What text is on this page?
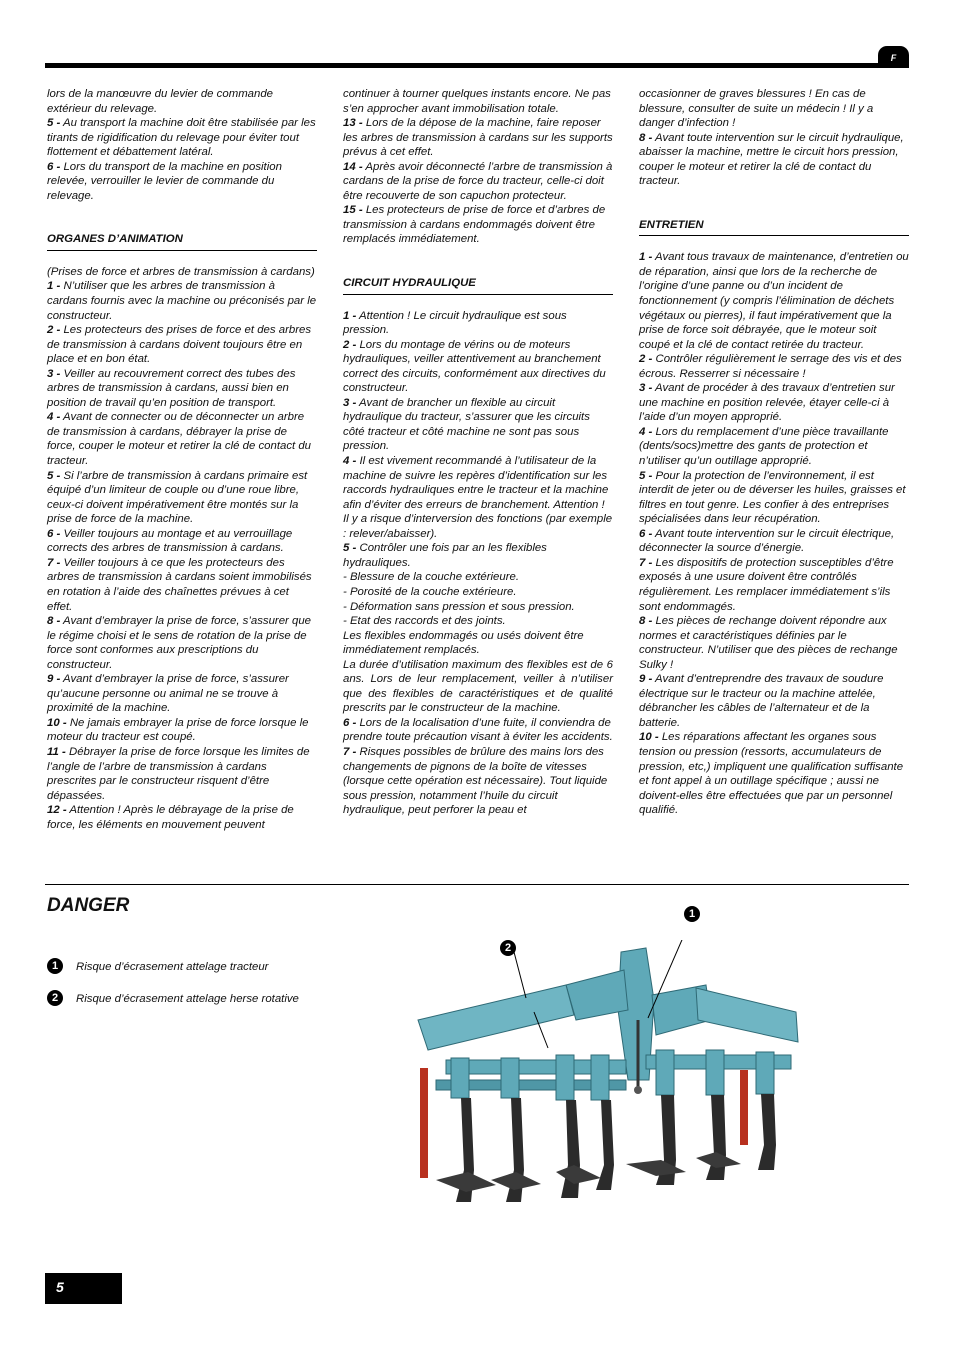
F

lors de la manœuvre du levier de commande extérieur du relevage.

5 - Au transport la machine doit être stabilisée par les tirants de rigidification du relevage pour éviter tout flottement et débattement latéral.

6 - Lors du transport de la machine en position relevée, verrouiller le levier de commande du relevage.

ORGANES D’ANIMATION

(Prises de force et arbres de transmission à cardans)

1 - N’utiliser que les arbres de transmission à cardans fournis avec la machine ou préconisés par le constructeur.

2 - Les protecteurs des prises de force et des arbres de transmission à cardans doivent toujours être en place et en bon état.

3 - Veiller au recouvrement correct des tubes des arbres de transmission à cardans, aussi bien en position de travail qu’en position de transport.

4 - Avant de connecter ou de déconnecter un arbre de transmission à cardans, débrayer la prise de force, couper le moteur et retirer la clé de contact du tracteur.

5 - Si l’arbre de transmission à cardans primaire est équipé d’un limiteur de couple ou d’une roue libre, ceux-ci doivent impérativement être montés sur la prise de force de la machine.

6 - Veiller toujours au montage et au verrouillage corrects des arbres de transmission à cardans.

7 - Veiller toujours à ce que les protecteurs des arbres de transmission à cardans soient immobilisés en rotation à l’aide des chaînettes prévues à cet effet.

8 - Avant d’embrayer la prise de force, s’assurer que le régime choisi et le sens de rotation de la prise de force sont conformes aux prescriptions du constructeur.

9 - Avant d’embrayer la prise de force, s’assurer qu’aucune personne ou animal ne se trouve à proximité de la machine.

10 - Ne jamais embrayer la prise de force lorsque le moteur du tracteur est coupé.

11 - Débrayer la prise de force lorsque les limites de l’angle de l’arbre de transmission à cardans prescrites par le constructeur risquent d’être dépassées.

12 - Attention ! Après le débrayage de la prise de force, les éléments en mouvement peuvent

continuer à tourner quelques instants encore. Ne pas s’en approcher avant immobilisation totale.

13 - Lors de la dépose de la machine, faire reposer les arbres de transmission à cardans sur les supports prévus à cet effet.

14 - Après avoir déconnecté l’arbre de transmission à cardans de la prise de force du tracteur, celle-ci doit être recouverte de son capuchon protecteur.

15 - Les protecteurs de prise de force et d’arbres de transmission à cardans endommagés doivent être remplacés immédiatement.

CIRCUIT HYDRAULIQUE

1 - Attention ! Le circuit hydraulique est sous pression.

2 - Lors du montage de vérins ou de moteurs hydrauliques, veiller attentivement au branchement correct des circuits, conformément aux directives du constructeur.

3 - Avant de brancher un flexible au circuit hydraulique du tracteur, s’assurer que les circuits côté tracteur et côté machine ne sont pas sous pression.

4 - Il est vivement recommandé à l’utilisateur de la machine de suivre les repères d’identification sur les raccords hydrauliques entre le tracteur et la machine afin d’éviter des erreurs de branchement. Attention ! Il y a risque d’interversion des fonctions (par exemple : relever/abaisser).

5 - Contrôler une fois par an les flexibles hydrauliques.

- Blessure de la couche extérieure.

- Porosité de la couche extérieure.

- Déformation sans pression et sous pression.

- Etat des raccords et des joints.

Les flexibles endommagés ou usés doivent être immédiatement remplacés.

La durée d’utilisation maximum des flexibles est de 6 ans. Lors de leur remplacement, veiller à n’utiliser que des flexibles de caractéristiques et de qualité prescrits par le constructeur de la machine.

6 - Lors de la localisation d’une fuite, il conviendra de prendre toute précaution visant à éviter les accidents.

7 - Risques possibles de brûlure des mains lors des changements de pignons de la boîte de vitesses (lorsque cette opération est nécessaire). Tout liquide sous pression, notamment l’huile du circuit hydraulique, peut perforer la peau et

occasionner de graves blessures ! En cas de blessure, consulter de suite un médecin ! Il y a danger d’infection !

8 - Avant toute intervention sur le circuit hydraulique, abaisser la machine, mettre le circuit hors pression, couper le moteur et retirer la clé de contact du tracteur.

ENTRETIEN

1 - Avant tous travaux de maintenance, d’entretien ou de réparation, ainsi que lors de la recherche de l’origine d’une panne ou d’un incident de fonctionnement (y compris l’élimination de déchets végétaux ou pierres), il faut impérativement que la prise de force soit débrayée, que le moteur soit coupé et la clé de contact retirée du tracteur.

2 - Contrôler régulièrement le serrage des vis et des écrous. Resserrer si nécessaire !

3 - Avant de procéder à des travaux d’entretien sur une machine en position relevée, étayer celle-ci à l’aide d’un moyen approprié.

4 - Lors du remplacement d’une pièce travaillante (dents/socs)mettre des gants de protection et n’utiliser qu’un outillage approprié.

5 - Pour la protection de l’environnement, il est interdit de jeter ou de déverser les huiles, graisses et filtres en tout genre. Les confier à des entreprises spécialisées dans leur récupération.

6 - Avant toute intervention sur le circuit électrique, déconnecter la source d’énergie.

7 - Les dispositifs de protection susceptibles d’être exposés à une usure doivent être contrôlés régulièrement. Les remplacer immédiatement s’ils sont endommagés.

8 - Les pièces de rechange doivent répondre aux normes et caractéristiques définies par le constructeur. N’utiliser que des pièces de rechange Sulky !

9 - Avant d’entreprendre des travaux de soudure électrique sur le tracteur ou la machine attelée, débrancher les câbles de l’alternateur et de la batterie.

10 - Les réparations affectant les organes sous tension ou pression (ressorts, accumulateurs de pression, etc,) impliquent une qualification suffisante et font appel à un outillage spécifique ; aussi ne doivent-elles être effectuées que par un personnel qualifié.

DANGER
1	Risque d’écrasement attelage tracteur
2	Risque d’écrasement attelage herse rotative
1
2
5
